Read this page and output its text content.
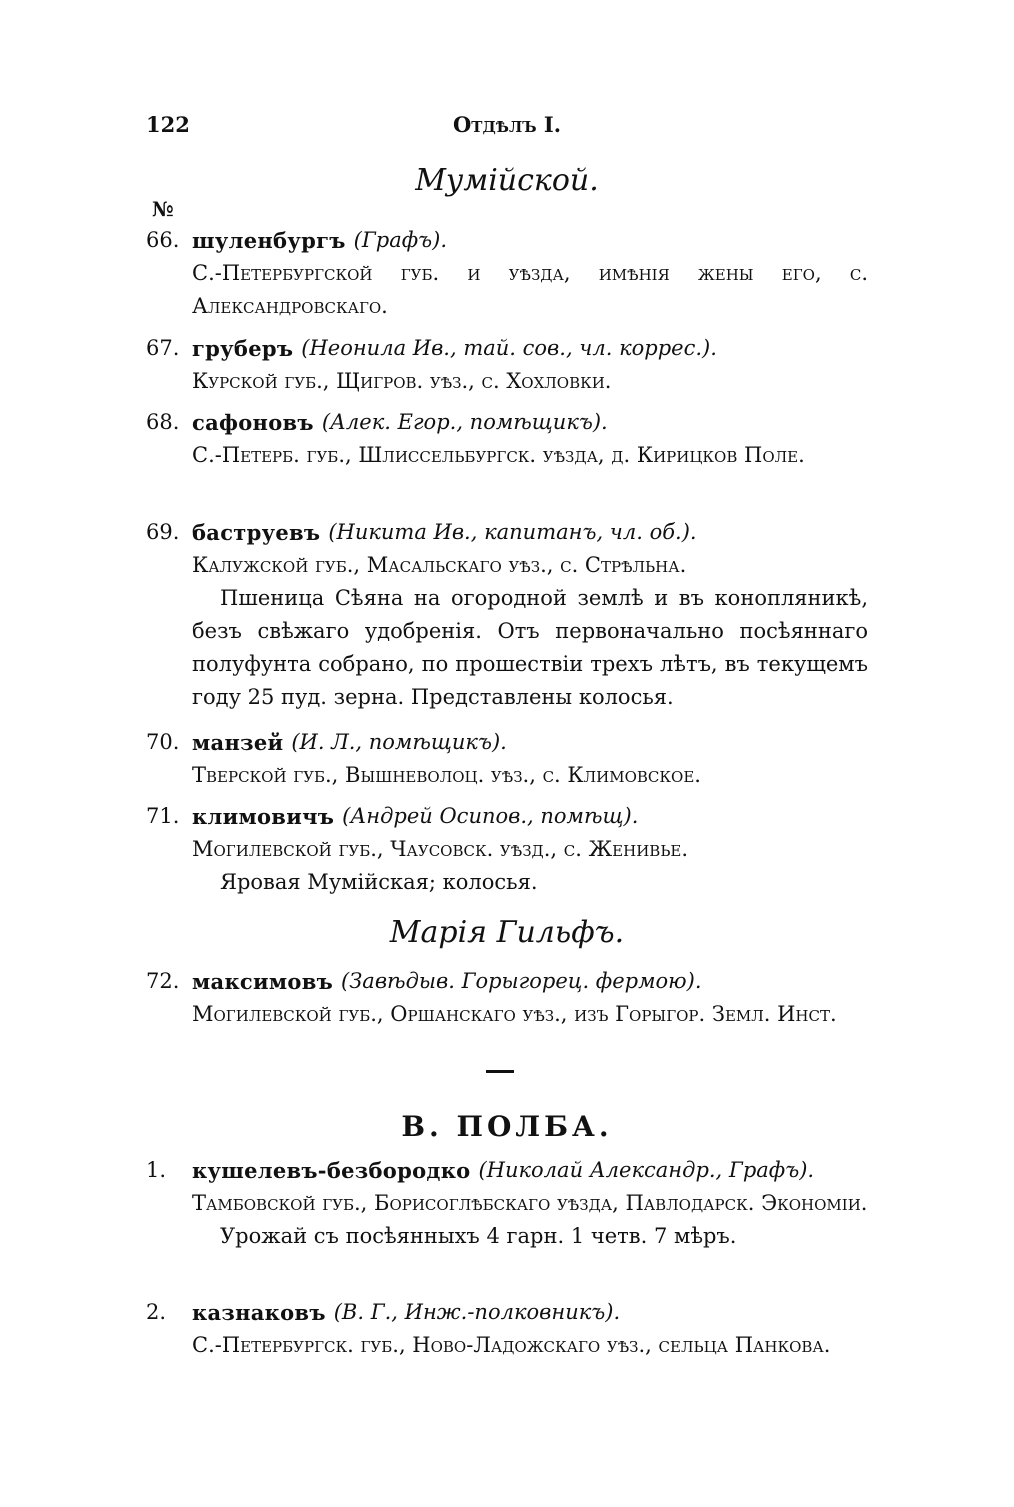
122	Отдѣлъ I.
Мумійской.
№
66. шуленбургъ (Графъ).
С.-Петербургской губ. и уѣзда, имѣнія жены его, с. Александровскаго.
67. груберъ (Неонила Ив., тай. сов., чл. коррес.).
Курской губ., Щигров. уѣз., с. Хохловки.
68. сафоновъ (Алек. Егор., помѣщикъ).
С.-Петерб. губ., Шлиссельбургск. уѣзда, д. Кирицков Поле.
69. баструевъ (Никита Ив., капитанъ, чл. об.).
Калужской губ., Масальскаго уѣз., с. Стрѣльна.
Пшеница Сѣяна на огородной землѣ и въ конопляникѣ, безъ свѣжаго удобренія. Отъ первоначально посѣяннаго полуфунта собрано, по прошествіи трехъ лѣтъ, въ текущемъ году 25 пуд. зерна. Представлены колосья.
70. манзей (И. Л., помѣщикъ).
Тверской губ., Вышневолоц. уѣз., с. Климовское.
71. климовичъ (Андрей Осипов., помѣщ).
Могилевской губ., Чаусовск. уѣзд., с. Женивье.
Яровая Мумійская; колосья.
Марія Гильфъ.
72. максимовъ (Завѣдыв. Горыгорец. фермою).
Могилевской губ., Оршанскаго уѣз., изъ Горыгор. Земл. Инст.
В. ПОЛБА.
1.	кушелевъ-безбородко (Николай Александр., Графъ).
Тамбовской губ., Борисоглѣбскаго уѣзда, Павлодарск. Экономіи.
Урожай съ посѣянныхъ 4 гарн. 1 четв. 7 мѣръ.
2.	казнаковъ (В. Г., Инж.-полковникъ).
С.-Петербургск. губ., Ново-Ладожскаго уѣз., сельца Панкова.
